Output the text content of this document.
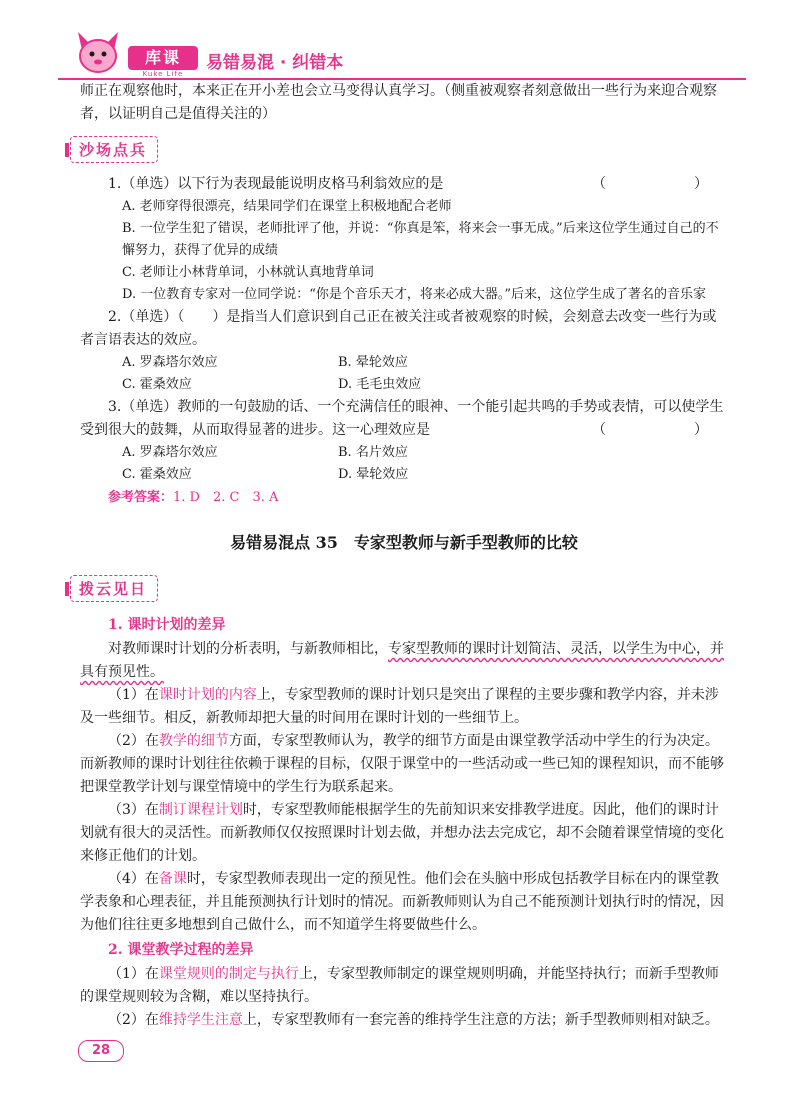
库课
Kuke Life
易错易混 · 纠错本

师正在观察他时，本来正在开小差也会立马变得认真学习。（侧重被观察者刻意做出一些行为来迎合观察者，以证明自己是值得关注的）

沙场点兵

（　　）
1.（单选）以下行为表现最能说明皮格马利翁效应的是

A. 老师穿得很漂亮，结果同学们在课堂上积极地配合老师

B. 一位学生犯了错误，老师批评了他，并说：“你真是笨，将来会一事无成。”后来这位学生通过自己的不懈努力，获得了优异的成绩

C. 老师让小林背单词，小林就认真地背单词

D. 一位教育专家对一位同学说：“你是个音乐天才，将来必成大器。”后来，这位学生成了著名的音乐家

2.（单选）（　　）是指当人们意识到自己正在被关注或者被观察的时候，会刻意去改变一些行为或者言语表达的效应。

A. 罗森塔尔效应	B. 晕轮效应
C. 霍桑效应	D. 毛毛虫效应

3.（单选）教师的一句鼓励的话、一个充满信任的眼神、一个能引起共鸣的手势或表情，可以使学生受到很大的鼓舞，从而取得显著的进步。这一心理效应是	（　　）

A. 罗森塔尔效应	B. 名片效应
C. 霍桑效应	D. 晕轮效应
参考答案：1. D　2. C　3. A
易错易混点 35　专家型教师与新手型教师的比较
拨云见日
1. 课时计划的差异

对教师课时计划的分析表明，与新教师相比，专家型教师的课时计划简洁、灵活，以学生为中心，并具有预见性。

（1）在课时计划的内容上，专家型教师的课时计划只是突出了课程的主要步骤和教学内容，并未涉及一些细节。相反，新教师却把大量的时间用在课时计划的一些细节上。

（2）在教学的细节方面，专家型教师认为，教学的细节方面是由课堂教学活动中学生的行为决定。而新教师的课时计划往往依赖于课程的目标，仅限于课堂中的一些活动或一些已知的课程知识，而不能够把课堂教学计划与课堂情境中的学生行为联系起来。

（3）在制订课程计划时，专家型教师能根据学生的先前知识来安排教学进度。因此，他们的课时计划就有很大的灵活性。而新教师仅仅按照课时计划去做，并想办法去完成它，却不会随着课堂情境的变化来修正他们的计划。

（4）在备课时，专家型教师表现出一定的预见性。他们会在头脑中形成包括教学目标在内的课堂教学表象和心理表征，并且能预测执行计划时的情况。而新教师则认为自己不能预测计划执行时的情况，因为他们往往更多地想到自己做什么，而不知道学生将要做些什么。

2. 课堂教学过程的差异

（1）在课堂规则的制定与执行上，专家型教师制定的课堂规则明确，并能坚持执行；而新手型教师的课堂规则较为含糊，难以坚持执行。

（2）在维持学生注意上，专家型教师有一套完善的维持学生注意的方法；新手型教师则相对缺乏。

28
